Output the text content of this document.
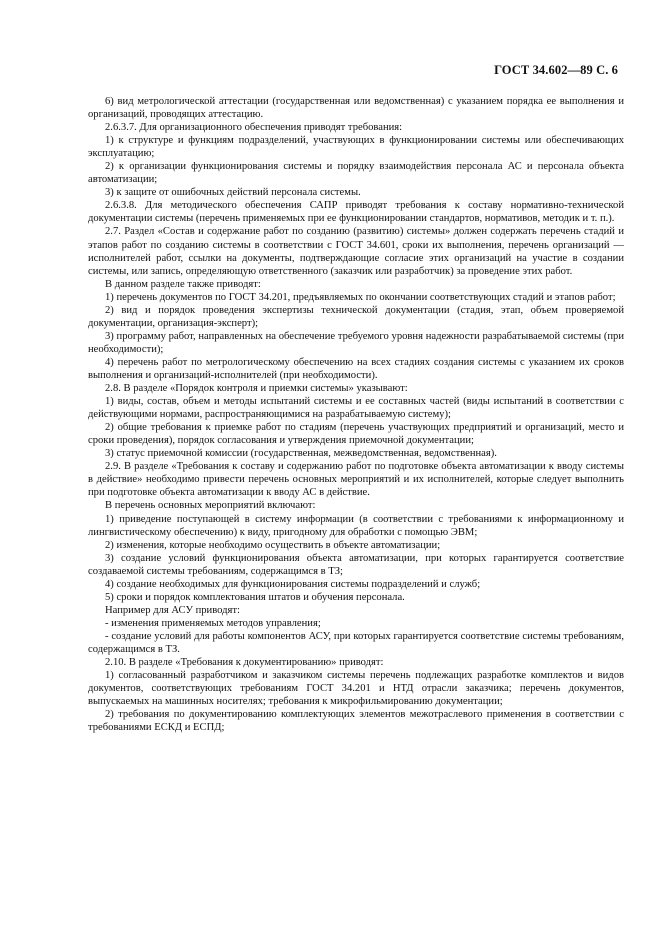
ГОСТ 34.602—89 С. 6

6) вид метрологической аттестации (государственная или ведомственная) с указанием порядка ее выполнения и организаций, проводящих аттестацию.

2.6.3.7. Для организационного обеспечения приводят требования:

1) к структуре и функциям подразделений, участвующих в функционировании системы или обеспечивающих эксплуатацию;

2) к организации функционирования системы и порядку взаимодействия персонала АС и персонала объекта автоматизации;

3) к защите от ошибочных действий персонала системы.

2.6.3.8. Для методического обеспечения САПР приводят требования к составу нормативно-технической документации системы (перечень применяемых при ее функционировании стандартов, нормативов, методик и т. п.).

2.7. Раздел «Состав и содержание работ по созданию (развитию) системы» должен содержать перечень стадий и этапов работ по созданию системы в соответствии с ГОСТ 34.601, сроки их выполнения, перечень организаций — исполнителей работ, ссылки на документы, подтверждающие согласие этих организаций на участие в создании системы, или запись, определяющую ответственного (заказчик или разработчик) за проведение этих работ.

В данном разделе также приводят:

1) перечень документов по ГОСТ 34.201, предъявляемых по окончании соответствующих стадий и этапов работ;

2) вид и порядок проведения экспертизы технической документации (стадия, этап, объем проверяемой документации, организация-эксперт);

3) программу работ, направленных на обеспечение требуемого уровня надежности разрабатываемой системы (при необходимости);

4) перечень работ по метрологическому обеспечению на всех стадиях создания системы с указанием их сроков выполнения и организаций-исполнителей (при необходимости).

2.8. В разделе «Порядок контроля и приемки системы» указывают:

1) виды, состав, объем и методы испытаний системы и ее составных частей (виды испытаний в соответствии с действующими нормами, распространяющимися на разрабатываемую систему);

2) общие требования к приемке работ по стадиям (перечень участвующих предприятий и организаций, место и сроки проведения), порядок согласования и утверждения приемочной документации;

3) статус приемочной комиссии (государственная, межведомственная, ведомственная).

2.9. В разделе «Требования к составу и содержанию работ по подготовке объекта автоматизации к вводу системы в действие» необходимо привести перечень основных мероприятий и их исполнителей, которые следует выполнить при подготовке объекта автоматизации к вводу АС в действие.

В перечень основных мероприятий включают:

1) приведение поступающей в систему информации (в соответствии с требованиями к информационному и лингвистическому обеспечению) к виду, пригодному для обработки с помощью ЭВМ;

2) изменения, которые необходимо осуществить в объекте автоматизации;

3) создание условий функционирования объекта автоматизации, при которых гарантируется соответствие создаваемой системы требованиям, содержащимся в ТЗ;

4) создание необходимых для функционирования системы подразделений и служб;

5) сроки и порядок комплектования штатов и обучения персонала.

Например для АСУ приводят:

- изменения применяемых методов управления;

- создание условий для работы компонентов АСУ, при которых гарантируется соответствие системы требованиям, содержащимся в ТЗ.

2.10. В разделе «Требования к документированию» приводят:

1) согласованный разработчиком и заказчиком системы перечень подлежащих разработке комплектов и видов документов, соответствующих требованиям ГОСТ 34.201 и НТД отрасли заказчика; перечень документов, выпускаемых на машинных носителях; требования к микрофильмированию документации;

2) требования по документированию комплектующих элементов межотраслевого применения в соответствии с требованиями ЕСКД и ЕСПД;
